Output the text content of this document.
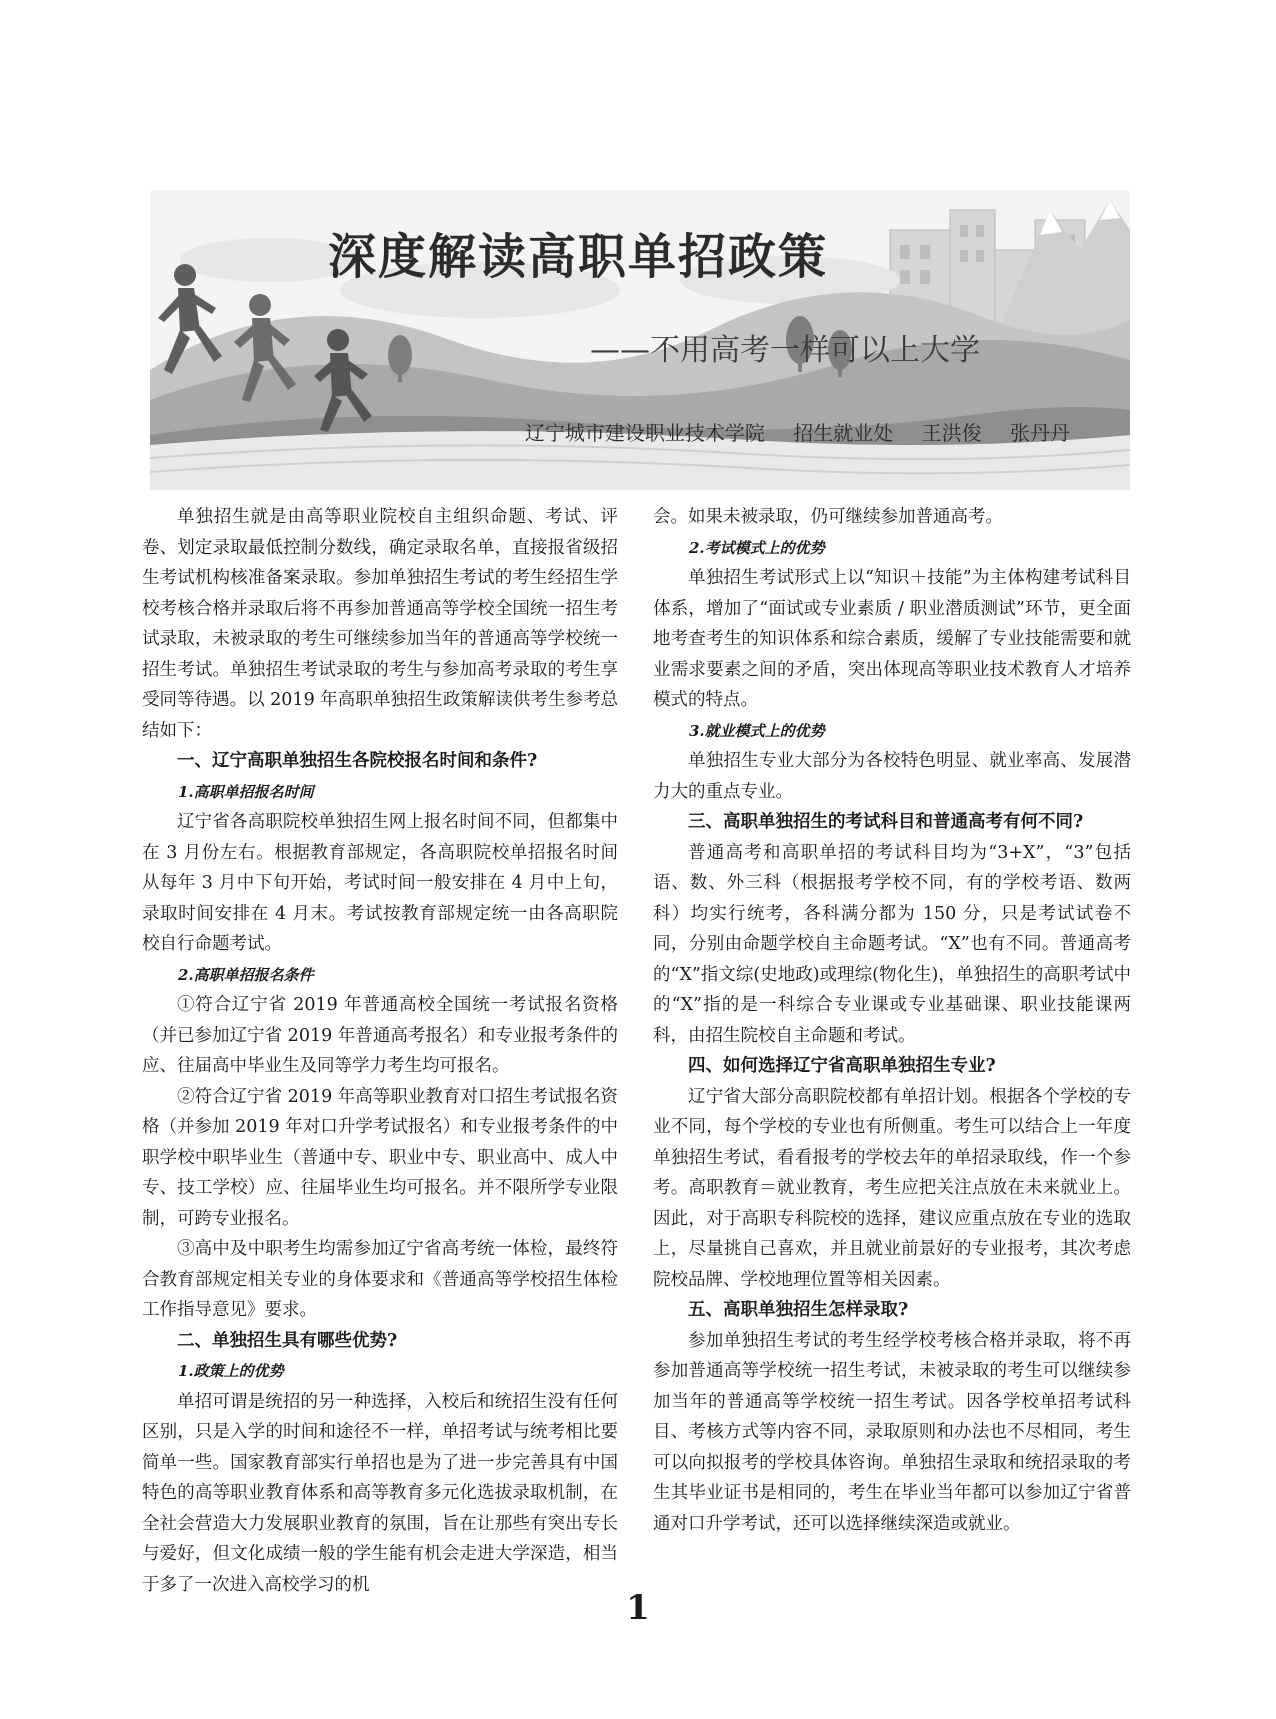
深度解读高职单招政策
——不用高考一样可以上大学
辽宁城市建设职业技术学院 招生就业处 王洪俊 张丹丹

单独招生就是由高等职业院校自主组织命题、考试、评卷、划定录取最低控制分数线，确定录取名单，直接报省级招生考试机构核准备案录取。参加单独招生考试的考生经招生学校考核合格并录取后将不再参加普通高等学校全国统一招生考试录取，未被录取的考生可继续参加当年的普通高等学校统一招生考试。单独招生考试录取的考生与参加高考录取的考生享受同等待遇。以 2019 年高职单独招生政策解读供考生参考总结如下：

一、辽宁高职单独招生各院校报名时间和条件?
1.高职单招报名时间

辽宁省各高职院校单独招生网上报名时间不同，但都集中在 3 月份左右。根据教育部规定，各高职院校单招报名时间从每年 3 月中下旬开始，考试时间一般安排在 4 月中上旬，录取时间安排在 4 月末。考试按教育部规定统一由各高职院校自行命题考试。

2.高职单招报名条件

①符合辽宁省 2019 年普通高校全国统一考试报名资格（并已参加辽宁省 2019 年普通高考报名）和专业报考条件的应、往届高中毕业生及同等学力考生均可报名。

②符合辽宁省 2019 年高等职业教育对口招生考试报名资格（并参加 2019 年对口升学考试报名）和专业报考条件的中职学校中职毕业生（普通中专、职业中专、职业高中、成人中专、技工学校）应、往届毕业生均可报名。并不限所学专业限制，可跨专业报名。

③高中及中职考生均需参加辽宁省高考统一体检，最终符合教育部规定相关专业的身体要求和《普通高等学校招生体检工作指导意见》要求。

二、单独招生具有哪些优势?
1.政策上的优势

单招可谓是统招的另一种选择，入校后和统招生没有任何区别，只是入学的时间和途径不一样，单招考试与统考相比要简单一些。国家教育部实行单招也是为了进一步完善具有中国特色的高等职业教育体系和高等教育多元化选拔录取机制，在全社会营造大力发展职业教育的氛围，旨在让那些有突出专长与爱好，但文化成绩一般的学生能有机会走进大学深造，相当于多了一次进入高校学习的机

会。如果未被录取，仍可继续参加普通高考。

2.考试模式上的优势

单独招生考试形式上以“知识＋技能”为主体构建考试科目体系，增加了“面试或专业素质 / 职业潜质测试”环节，更全面地考查考生的知识体系和综合素质，缓解了专业技能需要和就业需求要素之间的矛盾，突出体现高等职业技术教育人才培养模式的特点。

3.就业模式上的优势

单独招生专业大部分为各校特色明显、就业率高、发展潜力大的重点专业。

三、高职单独招生的考试科目和普通高考有何不同?

普通高考和高职单招的考试科目均为“3+X”，“3”包括语、数、外三科（根据报考学校不同，有的学校考语、数两科）均实行统考，各科满分都为 150 分，只是考试试卷不同，分别由命题学校自主命题考试。“X”也有不同。普通高考的“X”指文综(史地政)或理综(物化生)，单独招生的高职考试中的“X”指的是一科综合专业课或专业基础课、职业技能课两科，由招生院校自主命题和考试。

四、如何选择辽宁省高职单独招生专业?

辽宁省大部分高职院校都有单招计划。根据各个学校的专业不同，每个学校的专业也有所侧重。考生可以结合上一年度单独招生考试，看看报考的学校去年的单招录取线，作一个参考。高职教育＝就业教育，考生应把关注点放在未来就业上。因此，对于高职专科院校的选择，建议应重点放在专业的选取上，尽量挑自己喜欢，并且就业前景好的专业报考，其次考虑院校品牌、学校地理位置等相关因素。

五、高职单独招生怎样录取?

参加单独招生考试的考生经学校考核合格并录取，将不再参加普通高等学校统一招生考试，未被录取的考生可以继续参加当年的普通高等学校统一招生考试。因各学校单招考试科目、考核方式等内容不同，录取原则和办法也不尽相同，考生可以向拟报考的学校具体咨询。单独招生录取和统招录取的考生其毕业证书是相同的，考生在毕业当年都可以参加辽宁省普通对口升学考试，还可以选择继续深造或就业。

1
